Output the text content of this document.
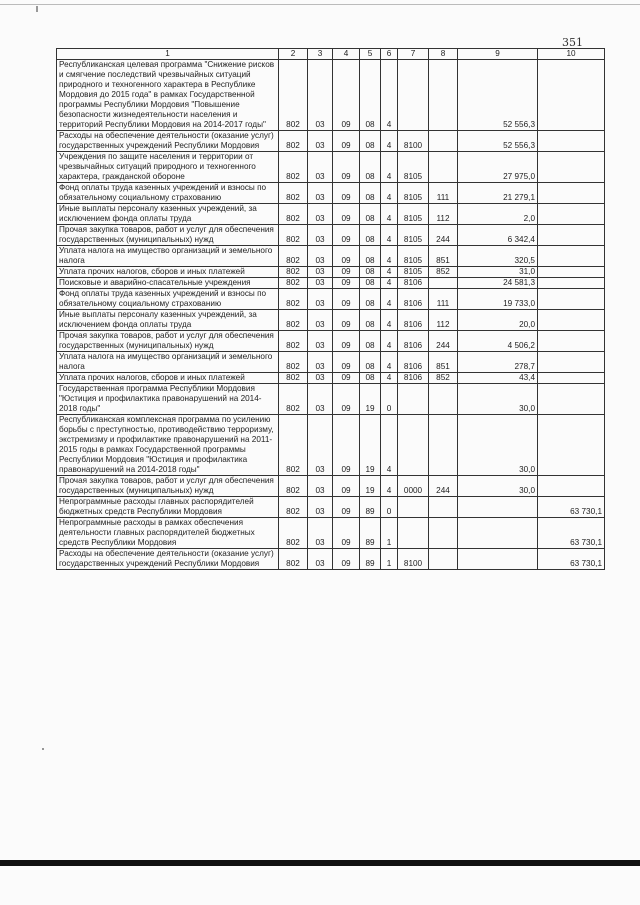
351
1	2	3	4	5	6	7	8	9	10
Республиканская целевая программа "Снижение рисков и смягчение последствий чрезвычайных ситуаций природного и техногенного характера в Республике Мордовия до 2015 года" в рамках Государственной программы Республики Мордовия "Повышение безопасности жизнедеятельности населения и территорий Республики Мордовия на 2014-2017 годы"	802	03	09	08	4			52 556,3	
Расходы на обеспечение деятельности (оказание услуг) государственных учреждений Республики Мордовия	802	03	09	08	4	8100		52 556,3	
Учреждения по защите населения и территории от чрезвычайных ситуаций природного и техногенного характера, гражданской обороне	802	03	09	08	4	8105		27 975,0	
Фонд оплаты труда казенных учреждений и взносы по обязательному социальному страхованию	802	03	09	08	4	8105	111	21 279,1	
Иные выплаты персоналу казенных учреждений, за исключением фонда оплаты труда	802	03	09	08	4	8105	112	2,0	
Прочая закупка товаров, работ и услуг для обеспечения государственных (муниципальных) нужд	802	03	09	08	4	8105	244	6 342,4	
Уплата налога на имущество организаций и земельного налога	802	03	09	08	4	8105	851	320,5	
Уплата прочих налогов, сборов и иных платежей	802	03	09	08	4	8105	852	31,0	
Поисковые и аварийно-спасательные учреждения	802	03	09	08	4	8106		24 581,3	
Фонд оплаты труда казенных учреждений и взносы по обязательному социальному страхованию	802	03	09	08	4	8106	111	19 733,0	
Иные выплаты персоналу казенных учреждений, за исключением фонда оплаты труда	802	03	09	08	4	8106	112	20,0	
Прочая закупка товаров, работ и услуг для обеспечения государственных (муниципальных) нужд	802	03	09	08	4	8106	244	4 506,2	
Уплата налога на имущество организаций и земельного налога	802	03	09	08	4	8106	851	278,7	
Уплата прочих налогов, сборов и иных платежей	802	03	09	08	4	8106	852	43,4	
Государственная программа Республики Мордовия "Юстиция и профилактика правонарушений на 2014-2018 годы"	802	03	09	19	0			30,0	
Республиканская комплексная программа по усилению борьбы с преступностью, противодействию терроризму, экстремизму и профилактике правонарушений на 2011-2015 годы в рамках Государственной программы Республики Мордовия "Юстиция и профилактика правонарушений на 2014-2018 годы"	802	03	09	19	4			30,0	
Прочая закупка товаров, работ и услуг для обеспечения государственных (муниципальных) нужд	802	03	09	19	4	0000	244	30,0	
Непрограммные расходы главных распорядителей бюджетных средств Республики Мордовия	802	03	09	89	0				63 730,1
Непрограммные расходы в рамках обеспечения деятельности главных распорядителей бюджетных средств Республики Мордовия	802	03	09	89	1				63 730,1
Расходы на обеспечение деятельности (оказание услуг) государственных учреждений Республики Мордовия	802	03	09	89	1	8100			63 730,1
